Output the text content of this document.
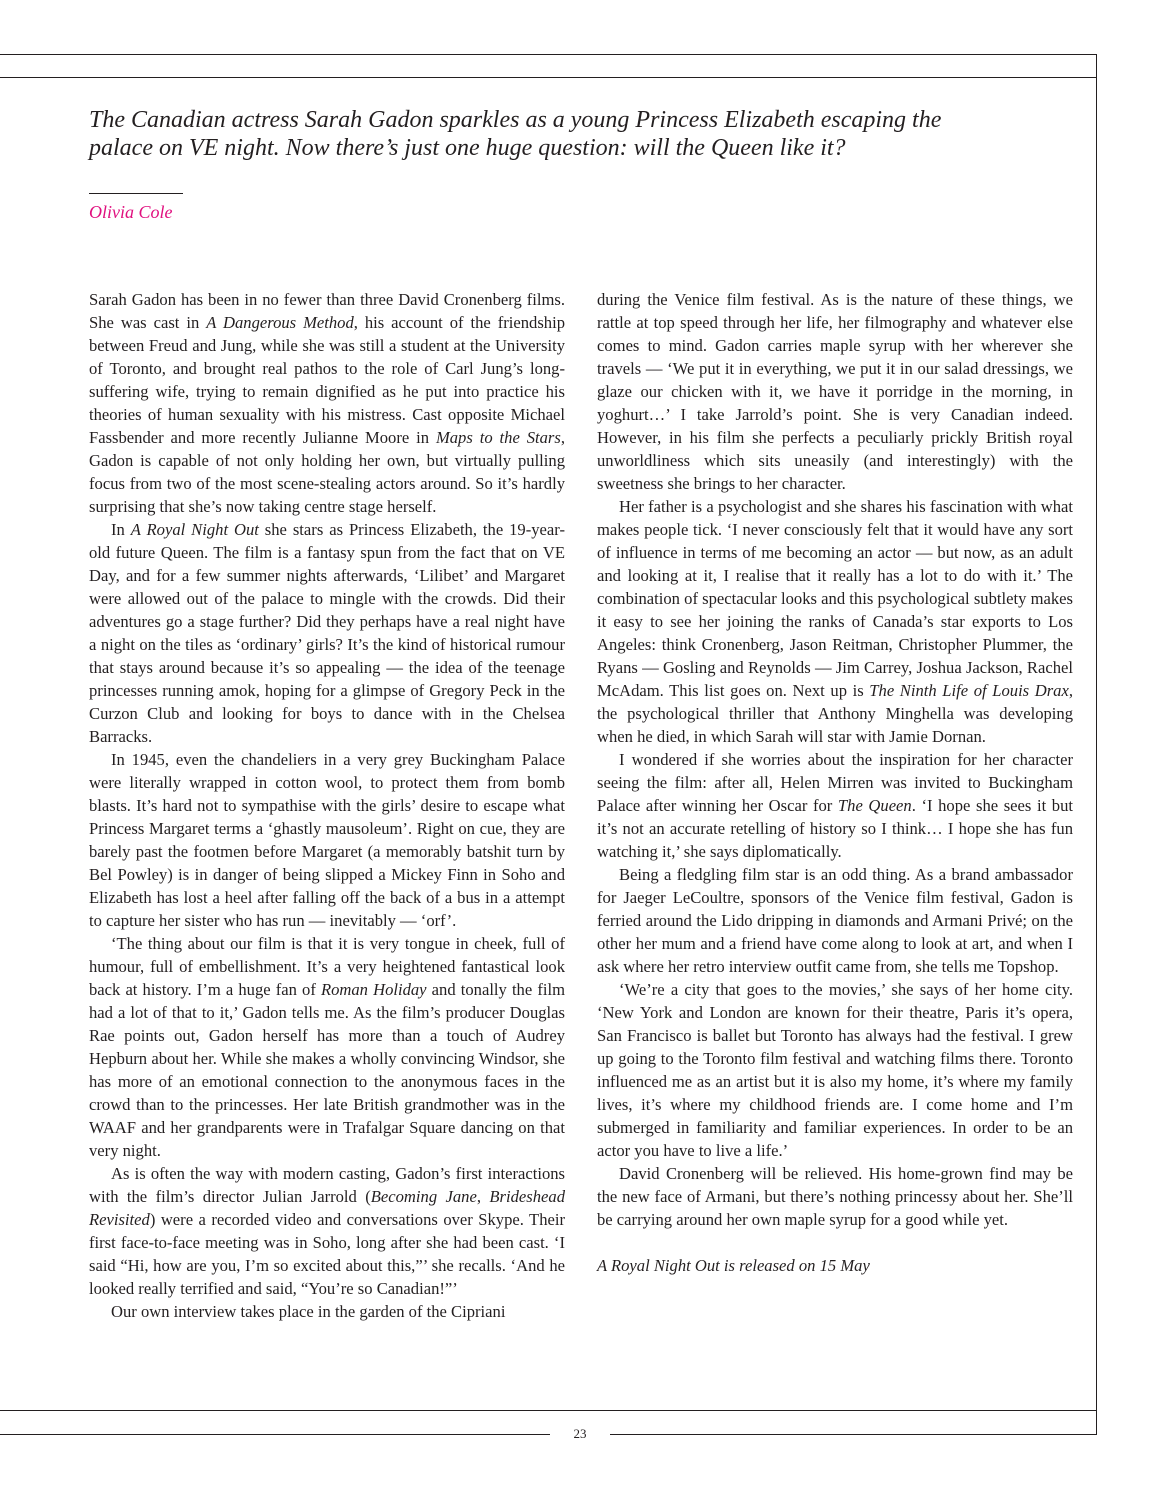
The Canadian actress Sarah Gadon sparkles as a young Princess Elizabeth escaping the palace on VE night. Now there’s just one huge question: will the Queen like it?
Olivia Cole

Sarah Gadon has been in no fewer than three David Cronenberg films. She was cast in A Dangerous Method, his account of the friendship between Freud and Jung, while she was still a student at the University of Toronto, and brought real pathos to the role of Carl Jung’s long-suffering wife, trying to remain dignified as he put into practice his theories of human sexuality with his mistress. Cast opposite Michael Fassbender and more recently Julianne Moore in Maps to the Stars, Gadon is capable of not only holding her own, but virtually pulling focus from two of the most scene-stealing actors around. So it’s hardly surprising that she’s now taking centre stage herself.

In A Royal Night Out she stars as Princess Elizabeth, the 19-year-old future Queen. The film is a fantasy spun from the fact that on VE Day, and for a few summer nights afterwards, ‘Lilibet’ and Margaret were allowed out of the palace to mingle with the crowds. Did their adventures go a stage further? Did they perhaps have a real night have a night on the tiles as ‘ordinary’ girls? It’s the kind of historical rumour that stays around because it’s so appealing — the idea of the teenage princesses running amok, hoping for a glimpse of Gregory Peck in the Curzon Club and looking for boys to dance with in the Chelsea Barracks.

In 1945, even the chandeliers in a very grey Buckingham Palace were literally wrapped in cotton wool, to protect them from bomb blasts. It’s hard not to sympathise with the girls’ desire to escape what Princess Margaret terms a ‘ghastly mausoleum’. Right on cue, they are barely past the footmen before Margaret (a memorably batshit turn by Bel Powley) is in danger of being slipped a Mickey Finn in Soho and Elizabeth has lost a heel after falling off the back of a bus in a attempt to capture her sister who has run — inevitably — ‘orf’.

‘The thing about our film is that it is very tongue in cheek, full of humour, full of embellishment. It’s a very heightened fantastical look back at history. I’m a huge fan of Roman Holiday and tonally the film had a lot of that to it,’ Gadon tells me. As the film’s producer Douglas Rae points out, Gadon herself has more than a touch of Audrey Hepburn about her. While she makes a wholly convincing Windsor, she has more of an emotional connection to the anonymous faces in the crowd than to the princesses. Her late British grandmother was in the WAAF and her grandparents were in Trafalgar Square dancing on that very night.

As is often the way with modern casting, Gadon’s first interactions with the film’s director Julian Jarrold (Becoming Jane, Brideshead Revisited) were a recorded video and conversations over Skype. Their first face-to-face meeting was in Soho, long after she had been cast. ‘I said “Hi, how are you, I’m so excited about this,”’ she recalls. ‘And he looked really terrified and said, “You’re so Canadian!”’

Our own interview takes place in the garden of the Cipriani

during the Venice film festival. As is the nature of these things, we rattle at top speed through her life, her filmography and whatever else comes to mind. Gadon carries maple syrup with her wherever she travels — ‘We put it in everything, we put it in our salad dressings, we glaze our chicken with it, we have it porridge in the morning, in yoghurt…’ I take Jarrold’s point. She is very Canadian indeed. However, in his film she perfects a peculiarly prickly British royal unworldliness which sits uneasily (and interestingly) with the sweetness she brings to her character.

Her father is a psychologist and she shares his fascination with what makes people tick. ‘I never consciously felt that it would have any sort of influence in terms of me becoming an actor — but now, as an adult and looking at it, I realise that it really has a lot to do with it.’ The combination of spectacular looks and this psychological subtlety makes it easy to see her joining the ranks of Canada’s star exports to Los Angeles: think Cronenberg, Jason Reitman, Christopher Plummer, the Ryans — Gosling and Reynolds — Jim Carrey, Joshua Jackson, Rachel McAdam. This list goes on. Next up is The Ninth Life of Louis Drax, the psychological thriller that Anthony Minghella was developing when he died, in which Sarah will star with Jamie Dornan.

I wondered if she worries about the inspiration for her character seeing the film: after all, Helen Mirren was invited to Buckingham Palace after winning her Oscar for The Queen. ‘I hope she sees it but it’s not an accurate retelling of history so I think… I hope she has fun watching it,’ she says diplomatically.

Being a fledgling film star is an odd thing. As a brand ambassador for Jaeger LeCoultre, sponsors of the Venice film festival, Gadon is ferried around the Lido dripping in diamonds and Armani Privé; on the other her mum and a friend have come along to look at art, and when I ask where her retro interview outfit came from, she tells me Topshop.

‘We’re a city that goes to the movies,’ she says of her home city. ‘New York and London are known for their theatre, Paris it’s opera, San Francisco is ballet but Toronto has always had the festival. I grew up going to the Toronto film festival and watching films there. Toronto influenced me as an artist but it is also my home, it’s where my family lives, it’s where my childhood friends are. I come home and I’m submerged in familiarity and familiar experiences. In order to be an actor you have to live a life.’

David Cronenberg will be relieved. His home-grown find may be the new face of Armani, but there’s nothing princessy about her. She’ll be carrying around her own maple syrup for a good while yet.

A Royal Night Out is released on 15 May

23
